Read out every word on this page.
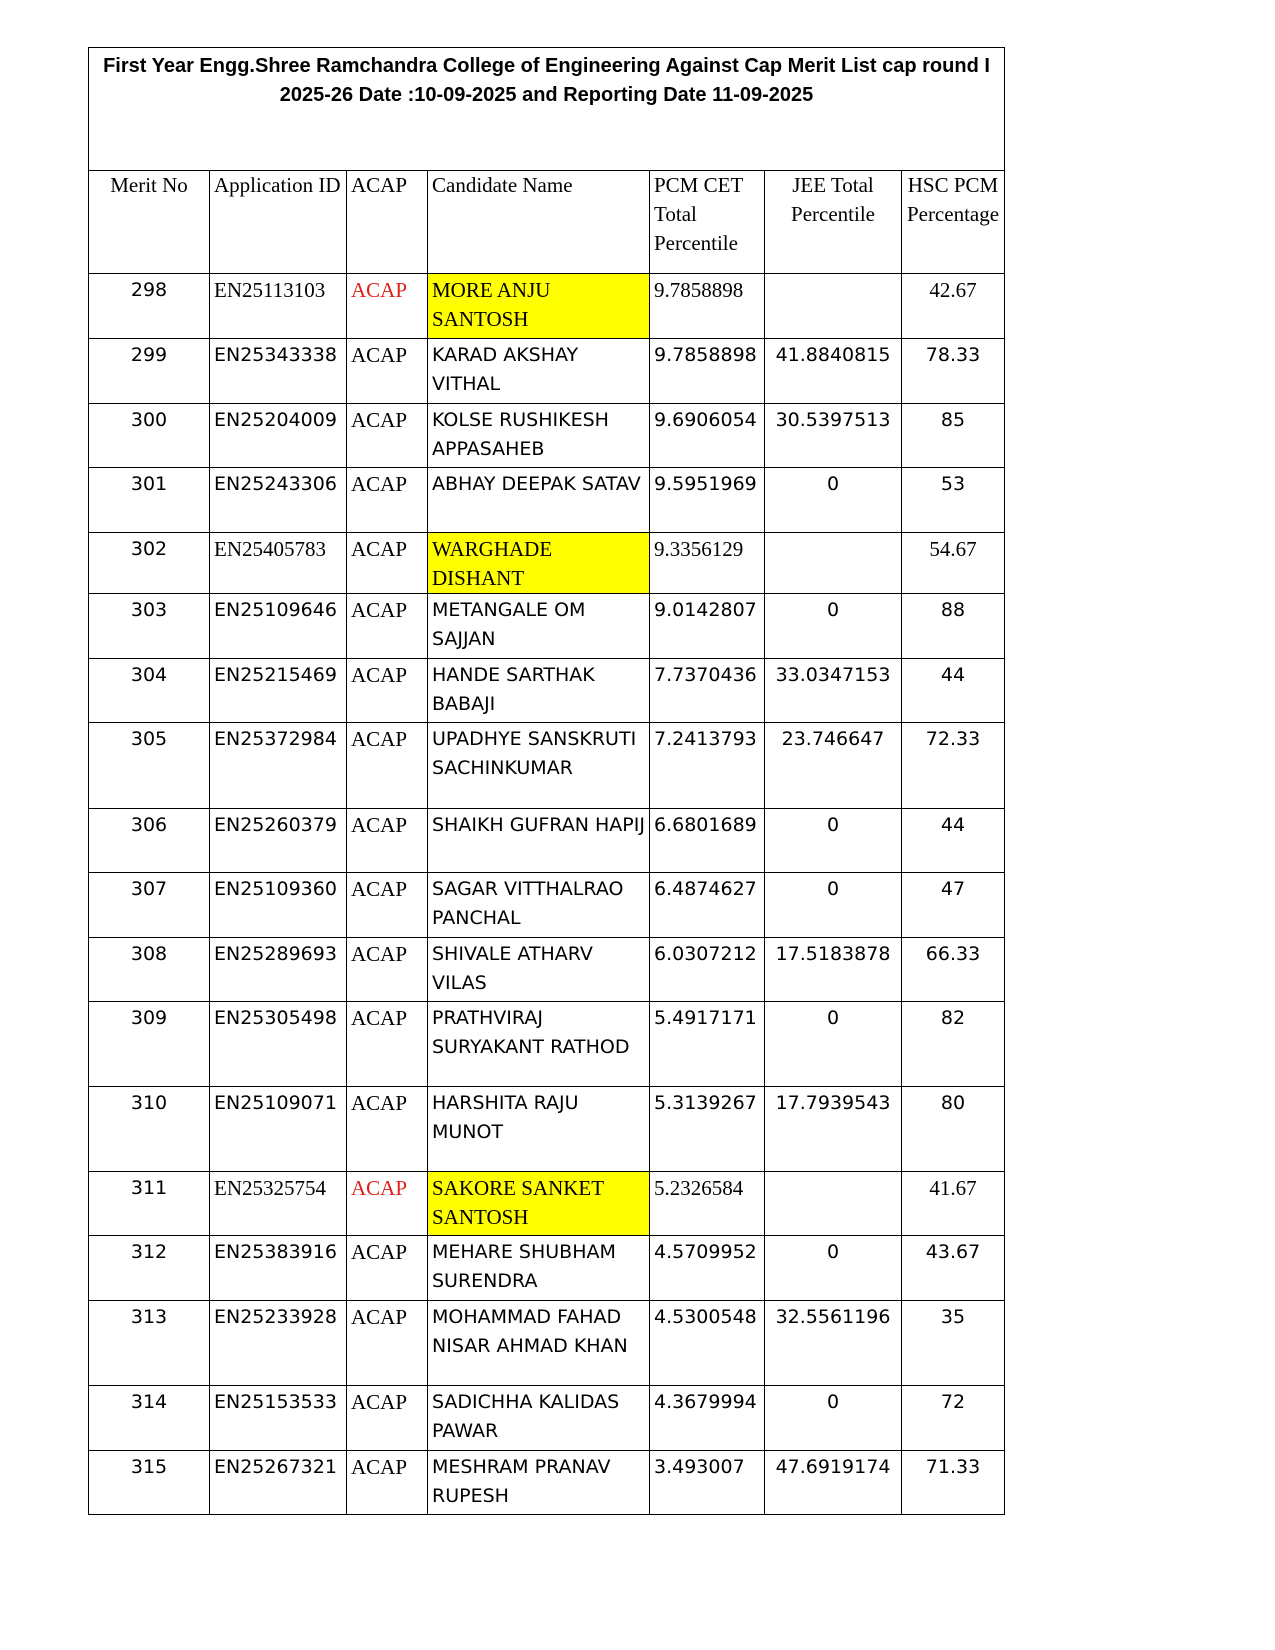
First Year Engg.Shree Ramchandra College of Engineering Against Cap Merit List cap round I
2025-26 Date :10-09-2025 and Reporting Date 11-09-2025						

Merit No	Application ID	ACAP	Candidate Name	PCM CET Total Percentile	JEE Total Percentile	HSC PCM Percentage
298	EN25113103	ACAP	MORE ANJU SANTOSH	9.7858898		42.67
299	EN25343338	ACAP	KARAD AKSHAY VITHAL	9.7858898	41.8840815	78.33
300	EN25204009	ACAP	KOLSE RUSHIKESH APPASAHEB	9.6906054	30.5397513	85
301	EN25243306	ACAP	ABHAY DEEPAK SATAV	9.5951969	0	53
302	EN25405783	ACAP	WARGHADE DISHANT	9.3356129		54.67
303	EN25109646	ACAP	METANGALE OM SAJJAN	9.0142807	0	88
304	EN25215469	ACAP	HANDE SARTHAK BABAJI	7.7370436	33.0347153	44
305	EN25372984	ACAP	UPADHYE SANSKRUTI SACHINKUMAR	7.2413793	23.746647	72.33
306	EN25260379	ACAP	SHAIKH GUFRAN HAPIJ	6.6801689	0	44
307	EN25109360	ACAP	SAGAR VITTHALRAO PANCHAL	6.4874627	0	47
308	EN25289693	ACAP	SHIVALE ATHARV VILAS	6.0307212	17.5183878	66.33
309	EN25305498	ACAP	PRATHVIRAJ SURYAKANT RATHOD	5.4917171	0	82
310	EN25109071	ACAP	HARSHITA RAJU MUNOT	5.3139267	17.7939543	80
311	EN25325754	ACAP	SAKORE SANKET SANTOSH	5.2326584		41.67
312	EN25383916	ACAP	MEHARE SHUBHAM SURENDRA	4.5709952	0	43.67
313	EN25233928	ACAP	MOHAMMAD FAHAD NISAR AHMAD KHAN	4.5300548	32.5561196	35
314	EN25153533	ACAP	SADICHHA KALIDAS PAWAR	4.3679994	0	72
315	EN25267321	ACAP	MESHRAM PRANAV RUPESH	3.493007	47.6919174	71.33
